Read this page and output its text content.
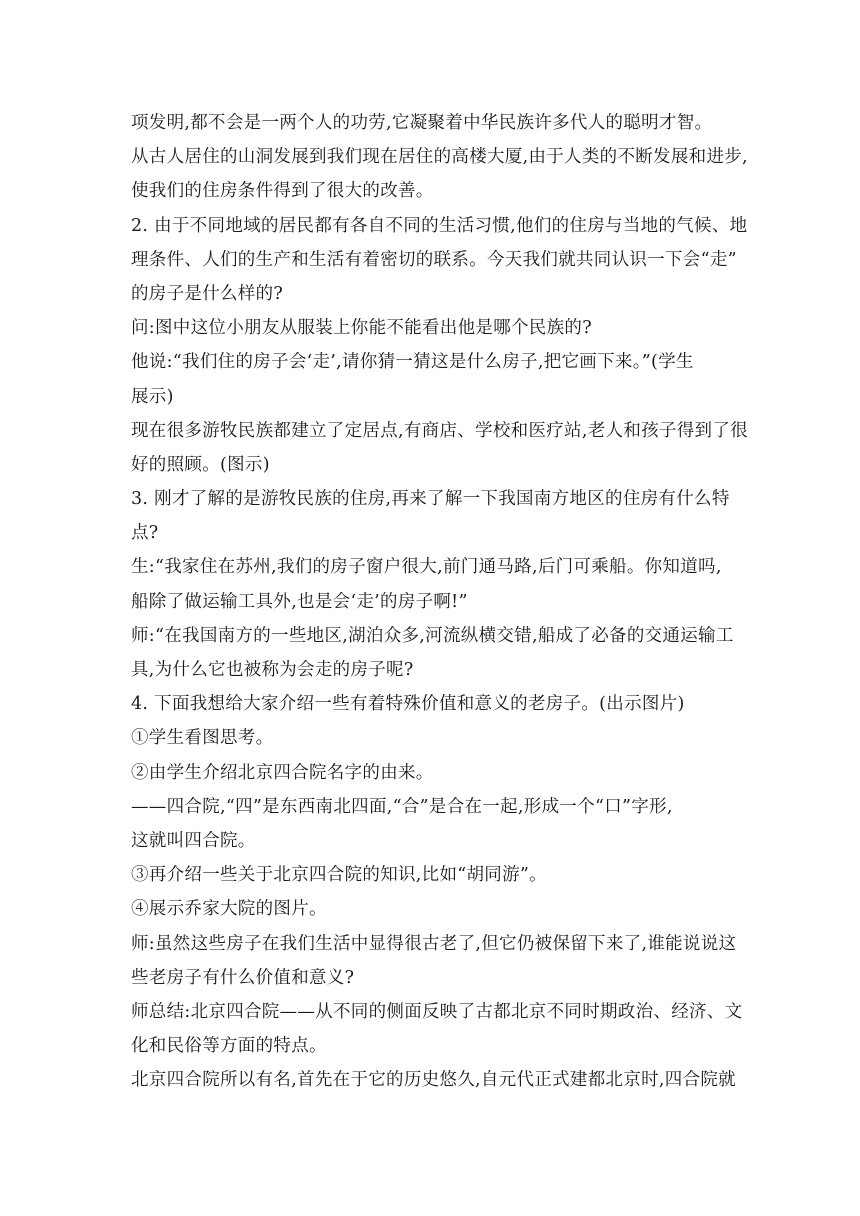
项发明,都不会是一两个人的功劳,它凝聚着中华民族许多代人的聪明才智。
从古人居住的山洞发展到我们现在居住的高楼大厦,由于人类的不断发展和进步,
使我们的住房条件得到了很大的改善。
2. 由于不同地域的居民都有各自不同的生活习惯,他们的住房与当地的气候、地
理条件、人们的生产和生活有着密切的联系。今天我们就共同认识一下会“走”
的房子是什么样的?
问:图中这位小朋友从服装上你能不能看出他是哪个民族的?
他说:“我们住的房子会‘走’,请你猜一猜这是什么房子,把它画下来。”(学生
展示)
现在很多游牧民族都建立了定居点,有商店、学校和医疗站,老人和孩子得到了很
好的照顾。(图示)
3. 刚才了解的是游牧民族的住房,再来了解一下我国南方地区的住房有什么特
点?
生:“我家住在苏州,我们的房子窗户很大,前门通马路,后门可乘船。你知道吗,
船除了做运输工具外,也是会‘走’的房子啊!”
师:“在我国南方的一些地区,湖泊众多,河流纵横交错,船成了必备的交通运输工
具,为什么它也被称为会走的房子呢?
4. 下面我想给大家介绍一些有着特殊价值和意义的老房子。(出示图片)
①学生看图思考。
②由学生介绍北京四合院名字的由来。
——四合院,“四”是东西南北四面,“合”是合在一起,形成一个“口”字形,
这就叫四合院。
③再介绍一些关于北京四合院的知识,比如“胡同游”。
④展示乔家大院的图片。
师:虽然这些房子在我们生活中显得很古老了,但它仍被保留下来了,谁能说说这
些老房子有什么价值和意义?
师总结:北京四合院——从不同的侧面反映了古都北京不同时期政治、经济、文
化和民俗等方面的特点。
北京四合院所以有名,首先在于它的历史悠久,自元代正式建都北京时,四合院就
